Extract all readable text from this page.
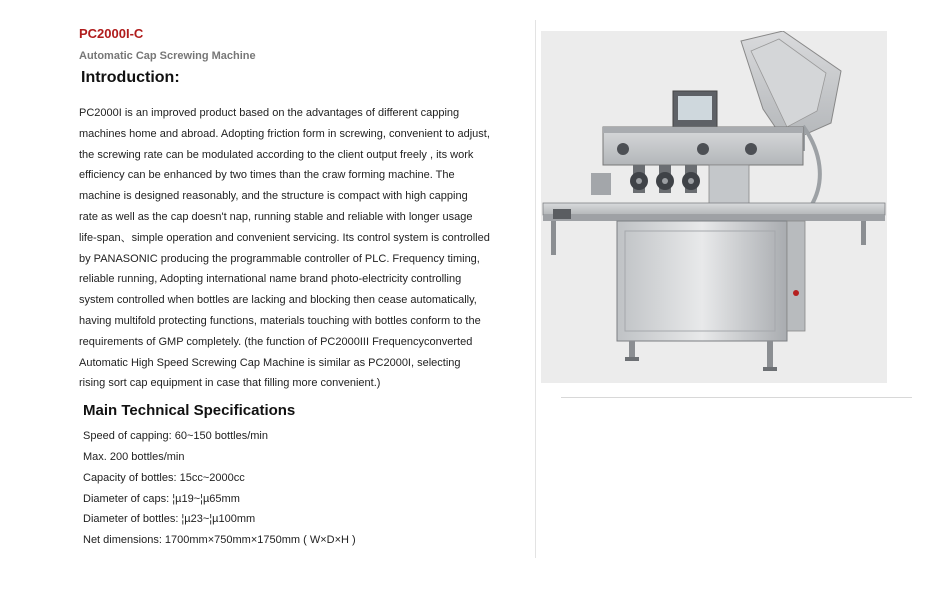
PC2000I-C
Automatic Cap Screwing Machine
Introduction:
PC2000I is an improved product based on the advantages of different capping
machines home and abroad. Adopting friction form in screwing, convenient to adjust,
the screwing rate can be modulated according to the client output freely , its work
efficiency can be enhanced by two times than the craw forming machine. The
machine is designed reasonably, and the structure is compact with high capping
rate as well as the cap doesn't nap, running stable and reliable with longer usage
life-span、simple operation and convenient servicing. Its control system is controlled
by PANASONIC producing the programmable controller of PLC. Frequency timing,
reliable running, Adopting international name brand photo-electricity controlling
system controlled when bottles are lacking and blocking then cease automatically,
having multifold protecting functions, materials touching with bottles conform to the
requirements of GMP completely. (the function of PC2000III Frequencyconverted
Automatic High Speed Screwing Cap Machine is similar as PC2000I, selecting
rising sort cap equipment in case that filling more convenient.)
Main Technical Specifications
Speed of capping: 60~150 bottles/min
Max. 200 bottles/min
Capacity of bottles: 15cc~2000cc
Diameter of caps: ¦µ19~¦µ65mm
Diameter of bottles: ¦µ23~¦µ100mm
Net dimensions: 1700mm×750mm×1750mm ( W×D×H )
